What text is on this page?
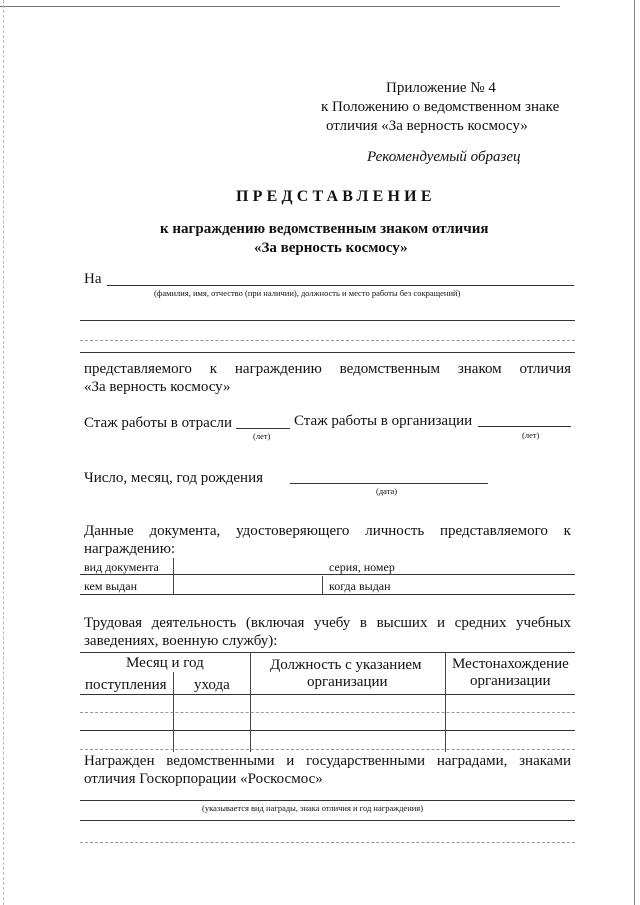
Приложение № 4
к Положению о ведомственном знаке
отличия «За верность космосу»
Рекомендуемый образец
ПРЕДСТАВЛЕНИЕ
к награждению ведомственным знаком отличия
«За верность космосу»
На
(фамилия, имя, отчество (при наличии), должность и место работы без сокращений)
представляемого к награждению ведомственным знаком отличия
«За верность космосу»
Стаж работы в отрасли
(лет)
Стаж работы в организации
(лет)
Число, месяц, год рождения
(дата)
Данные документа, удостоверяющего личность представляемого к
награждению:
вид документа	серия, номер
кем выдан	когда выдан
Трудовая деятельность (включая учебу в высших и средних учебных
заведениях, военную службу):
Месяц и год
поступления ухода
Должность с указанием
организации
Местонахождение
организации
Награжден ведомственными и государственными наградами, знаками
отличия Госкорпорации «Роскосмос»
(указывается вид награды, знака отличия и год награждения)
